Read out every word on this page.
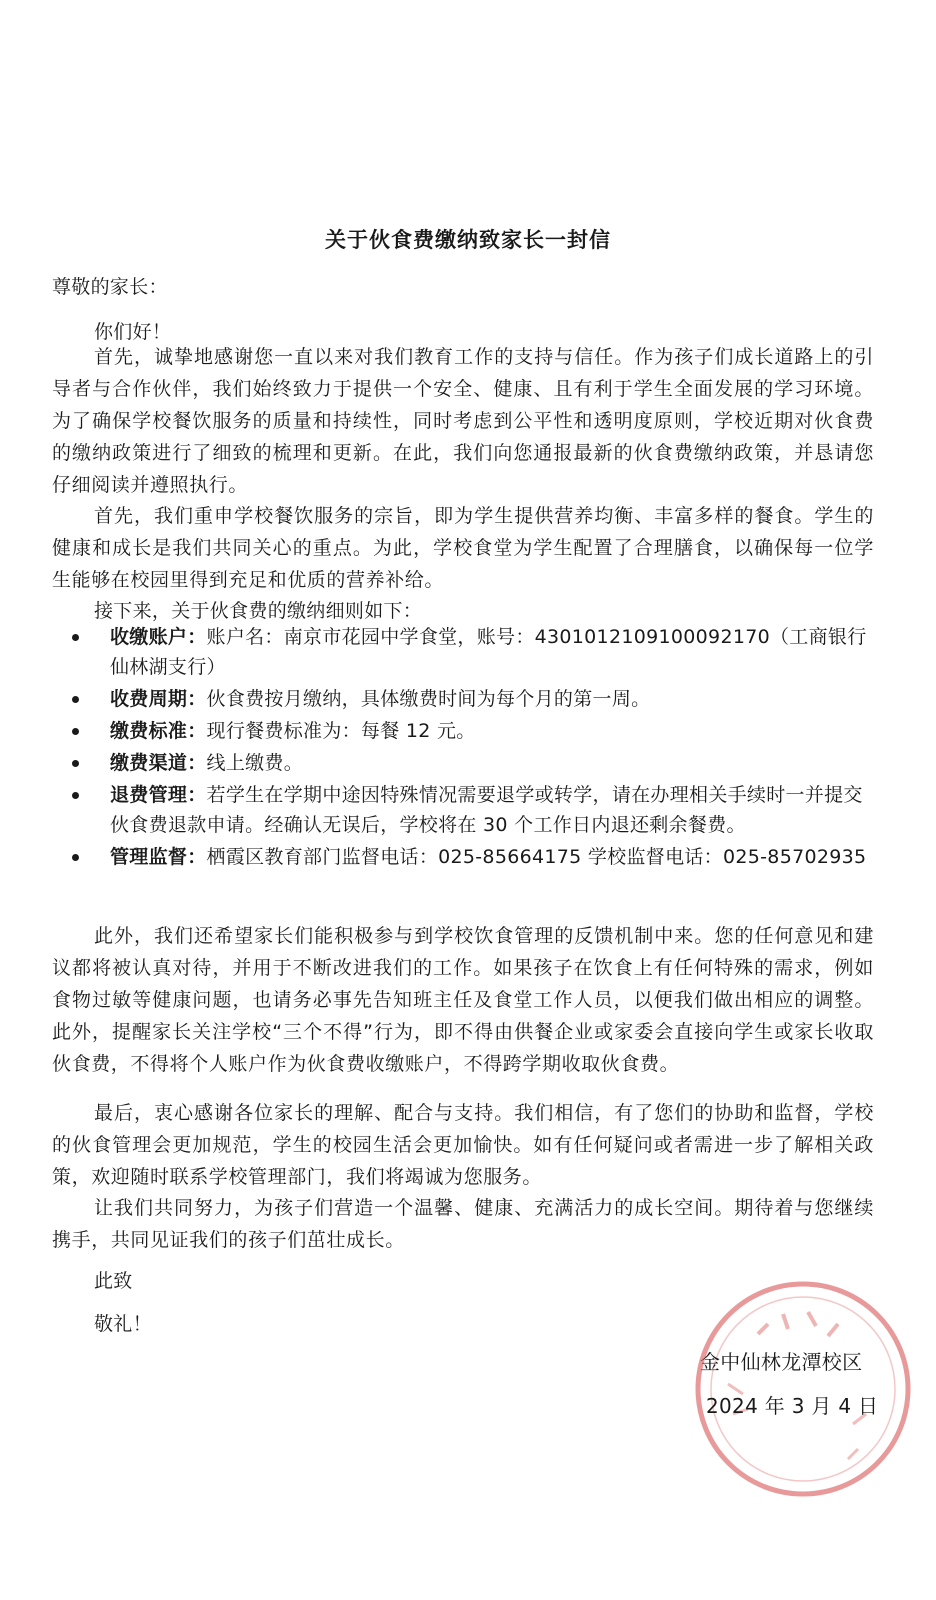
关于伙食费缴纳致家长一封信
尊敬的家长：
你们好！

首先，诚挚地感谢您一直以来对我们教育工作的支持与信任。作为孩子们成长道路上的引导者与合作伙伴，我们始终致力于提供一个安全、健康、且有利于学生全面发展的学习环境。为了确保学校餐饮服务的质量和持续性，同时考虑到公平性和透明度原则，学校近期对伙食费的缴纳政策进行了细致的梳理和更新。在此，我们向您通报最新的伙食费缴纳政策，并恳请您仔细阅读并遵照执行。

首先，我们重申学校餐饮服务的宗旨，即为学生提供营养均衡、丰富多样的餐食。学生的健康和成长是我们共同关心的重点。为此，学校食堂为学生配置了合理膳食，以确保每一位学生能够在校园里得到充足和优质的营养补给。

接下来，关于伙食费的缴纳细则如下：
收缴账户：账户名：南京市花园中学食堂，账号：4301012109100092170（工商银行仙林湖支行）
收费周期：伙食费按月缴纳，具体缴费时间为每个月的第一周。
缴费标准：现行餐费标准为：每餐 12 元。
缴费渠道：线上缴费。
退费管理：若学生在学期中途因特殊情况需要退学或转学，请在办理相关手续时一并提交伙食费退款申请。经确认无误后，学校将在 30 个工作日内退还剩余餐费。
管理监督：栖霞区教育部门监督电话：025-85664175 学校监督电话：025-85702935

此外，我们还希望家长们能积极参与到学校饮食管理的反馈机制中来。您的任何意见和建议都将被认真对待，并用于不断改进我们的工作。如果孩子在饮食上有任何特殊的需求，例如食物过敏等健康问题，也请务必事先告知班主任及食堂工作人员，以便我们做出相应的调整。此外，提醒家长关注学校“三个不得”行为，即不得由供餐企业或家委会直接向学生或家长收取伙食费，不得将个人账户作为伙食费收缴账户，不得跨学期收取伙食费。

最后，衷心感谢各位家长的理解、配合与支持。我们相信，有了您们的协助和监督，学校的伙食管理会更加规范，学生的校园生活会更加愉快。如有任何疑问或者需进一步了解相关政策，欢迎随时联系学校管理部门，我们将竭诚为您服务。

让我们共同努力，为孩子们营造一个温馨、健康、充满活力的成长空间。期待着与您继续携手，共同见证我们的孩子们茁壮成长。

此致
敬礼！
金中仙林龙潭校区
2024 年 3 月 4 日
